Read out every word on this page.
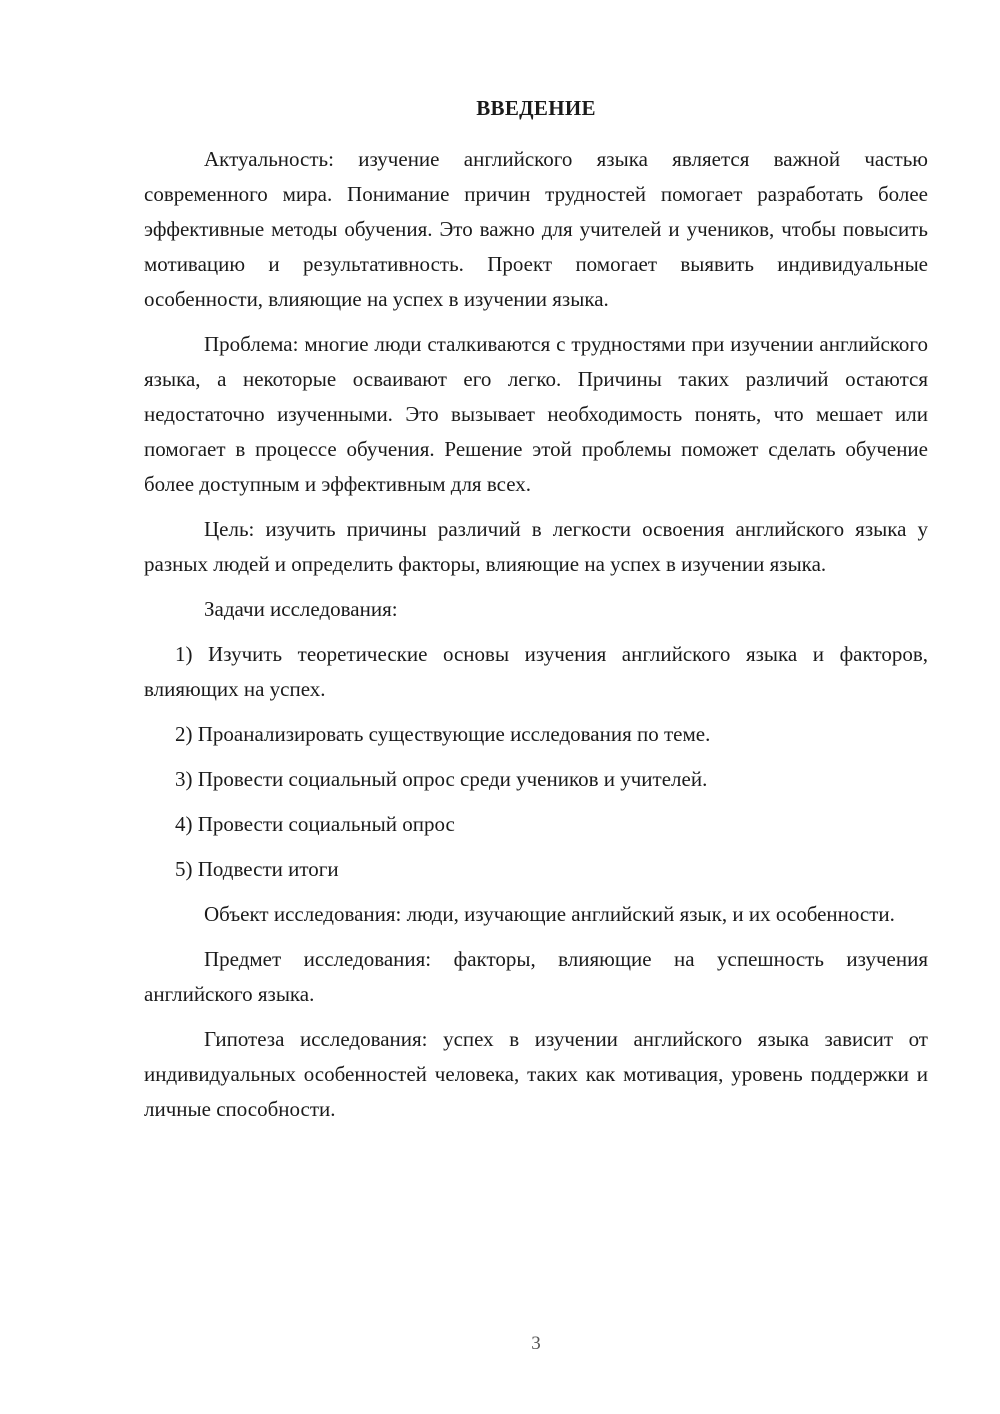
ВВЕДЕНИЕ

Актуальность: изучение английского языка является важной частью современного мира. Понимание причин трудностей помогает разработать более эффективные методы обучения. Это важно для учителей и учеников, чтобы повысить мотивацию и результативность. Проект помогает выявить индивидуальные особенности, влияющие на успех в изучении языка.

Проблема: многие люди сталкиваются с трудностями при изучении английского языка, а некоторые осваивают его легко. Причины таких различий остаются недостаточно изученными. Это вызывает необходимость понять, что мешает или помогает в процессе обучения. Решение этой проблемы поможет сделать обучение более доступным и эффективным для всех.

Цель: изучить причины различий в легкости освоения английского языка у разных людей и определить факторы, влияющие на успех в изучении языка.

Задачи исследования:

1) Изучить теоретические основы изучения английского языка и факторов, влияющих на успех.

2) Проанализировать существующие исследования по теме.

3) Провести социальный опрос среди учеников и учителей.

4) Провести социальный опрос

5) Подвести итоги

Объект исследования: люди, изучающие английский язык, и их особенности.

Предмет исследования: факторы, влияющие на успешность изучения английского языка.

Гипотеза исследования: успех в изучении английского языка зависит от индивидуальных особенностей человека, таких как мотивация, уровень поддержки и личные способности.

3
